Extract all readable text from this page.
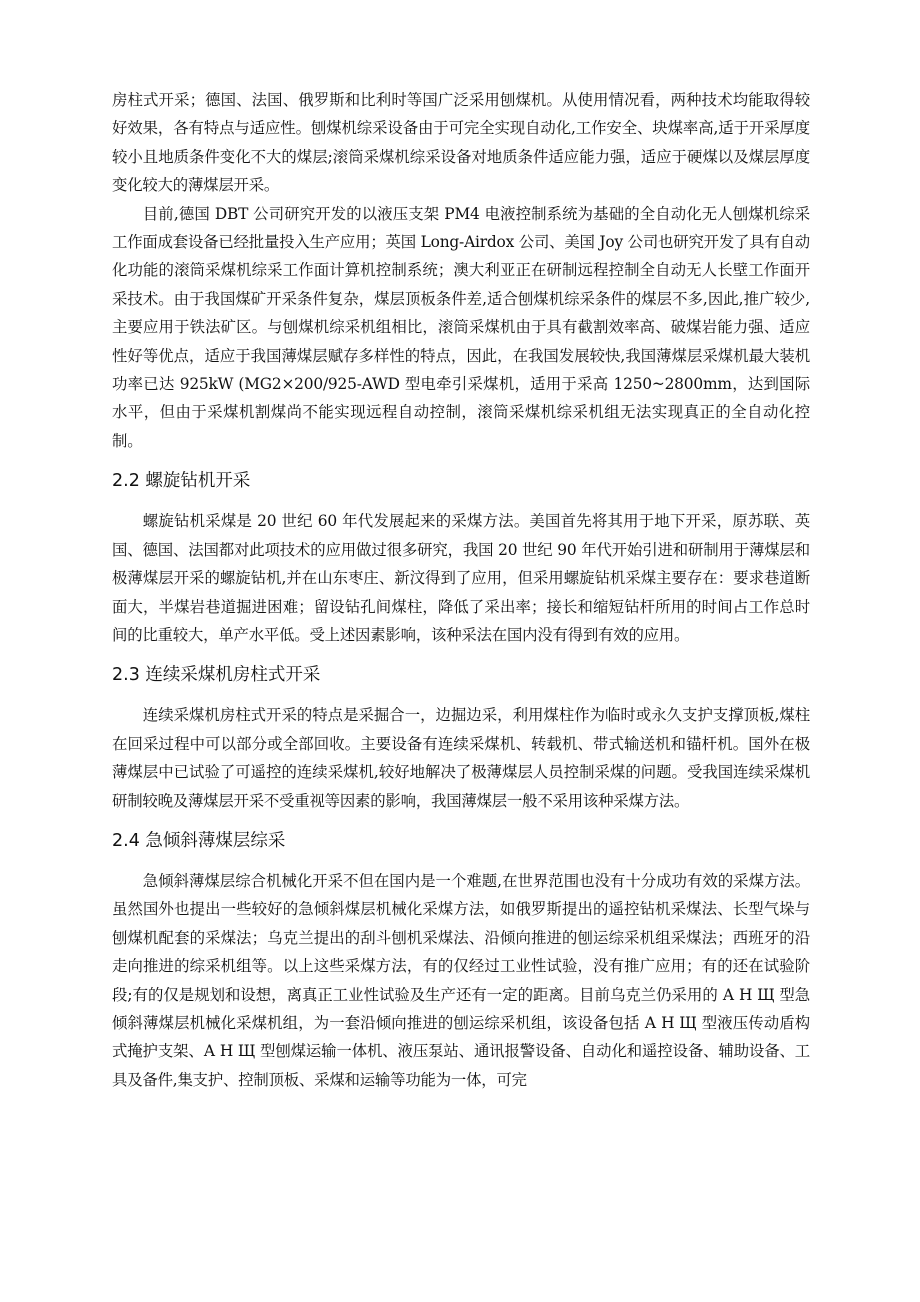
房柱式开采；德国、法国、俄罗斯和比利时等国广泛采用刨煤机。从使用情况看，两种技术均能取得较好效果，各有特点与适应性。刨煤机综采设备由于可完全实现自动化,工作安全、块煤率高,适于开采厚度较小且地质条件变化不大的煤层;滚筒采煤机综采设备对地质条件适应能力强，适应于硬煤以及煤层厚度变化较大的薄煤层开采。

目前,德国 DBT 公司研究开发的以液压支架 PM4 电液控制系统为基础的全自动化无人刨煤机综采工作面成套设备已经批量投入生产应用；英国 Long-Airdox 公司、美国 Joy 公司也研究开发了具有自动化功能的滚筒采煤机综采工作面计算机控制系统；澳大利亚正在研制远程控制全自动无人长壁工作面开采技术。由于我国煤矿开采条件复杂，煤层顶板条件差,适合刨煤机综采条件的煤层不多,因此,推广较少,主要应用于铁法矿区。与刨煤机综采机组相比，滚筒采煤机由于具有截割效率高、破煤岩能力强、适应性好等优点，适应于我国薄煤层赋存多样性的特点，因此，在我国发展较快,我国薄煤层采煤机最大装机功率已达 925kW (MG2×200/925-AWD 型电牵引采煤机，适用于采高 1250~2800mm，达到国际水平，但由于采煤机割煤尚不能实现远程自动控制，滚筒采煤机综采机组无法实现真正的全自动化控制。

2.2 螺旋钻机开采

螺旋钻机采煤是 20 世纪 60 年代发展起来的采煤方法。美国首先将其用于地下开采，原苏联、英国、德国、法国都对此项技术的应用做过很多研究，我国 20 世纪 90 年代开始引进和研制用于薄煤层和极薄煤层开采的螺旋钻机,并在山东枣庄、新汶得到了应用，但采用螺旋钻机采煤主要存在：要求巷道断面大，半煤岩巷道掘进困难；留设钻孔间煤柱，降低了采出率；接长和缩短钻杆所用的时间占工作总时间的比重较大，单产水平低。受上述因素影响，该种采法在国内没有得到有效的应用。

2.3 连续采煤机房柱式开采

连续采煤机房柱式开采的特点是采掘合一，边掘边采，利用煤柱作为临时或永久支护支撑顶板,煤柱在回采过程中可以部分或全部回收。主要设备有连续采煤机、转载机、带式输送机和锚杆机。国外在极薄煤层中已试验了可遥控的连续采煤机,较好地解决了极薄煤层人员控制采煤的问题。受我国连续采煤机研制较晚及薄煤层开采不受重视等因素的影响，我国薄煤层一般不采用该种采煤方法。

2.4 急倾斜薄煤层综采

急倾斜薄煤层综合机械化开采不但在国内是一个难题,在世界范围也没有十分成功有效的采煤方法。虽然国外也提出一些较好的急倾斜煤层机械化采煤方法，如俄罗斯提出的遥控钻机采煤法、长型气垛与刨煤机配套的采煤法；乌克兰提出的刮斗刨机采煤法、沿倾向推进的刨运综采机组采煤法；西班牙的沿走向推进的综采机组等。以上这些采煤方法，有的仅经过工业性试验，没有推广应用；有的还在试验阶段;有的仅是规划和设想，离真正工业性试验及生产还有一定的距离。目前乌克兰仍采用的 А Н Щ 型急倾斜薄煤层机械化采煤机组，为一套沿倾向推进的刨运综采机组，该设备包括 А Н Щ 型液压传动盾构式掩护支架、А Н Щ 型刨煤运输一体机、液压泵站、通讯报警设备、自动化和遥控设备、辅助设备、工具及备件,集支护、控制顶板、采煤和运输等功能为一体，可完
